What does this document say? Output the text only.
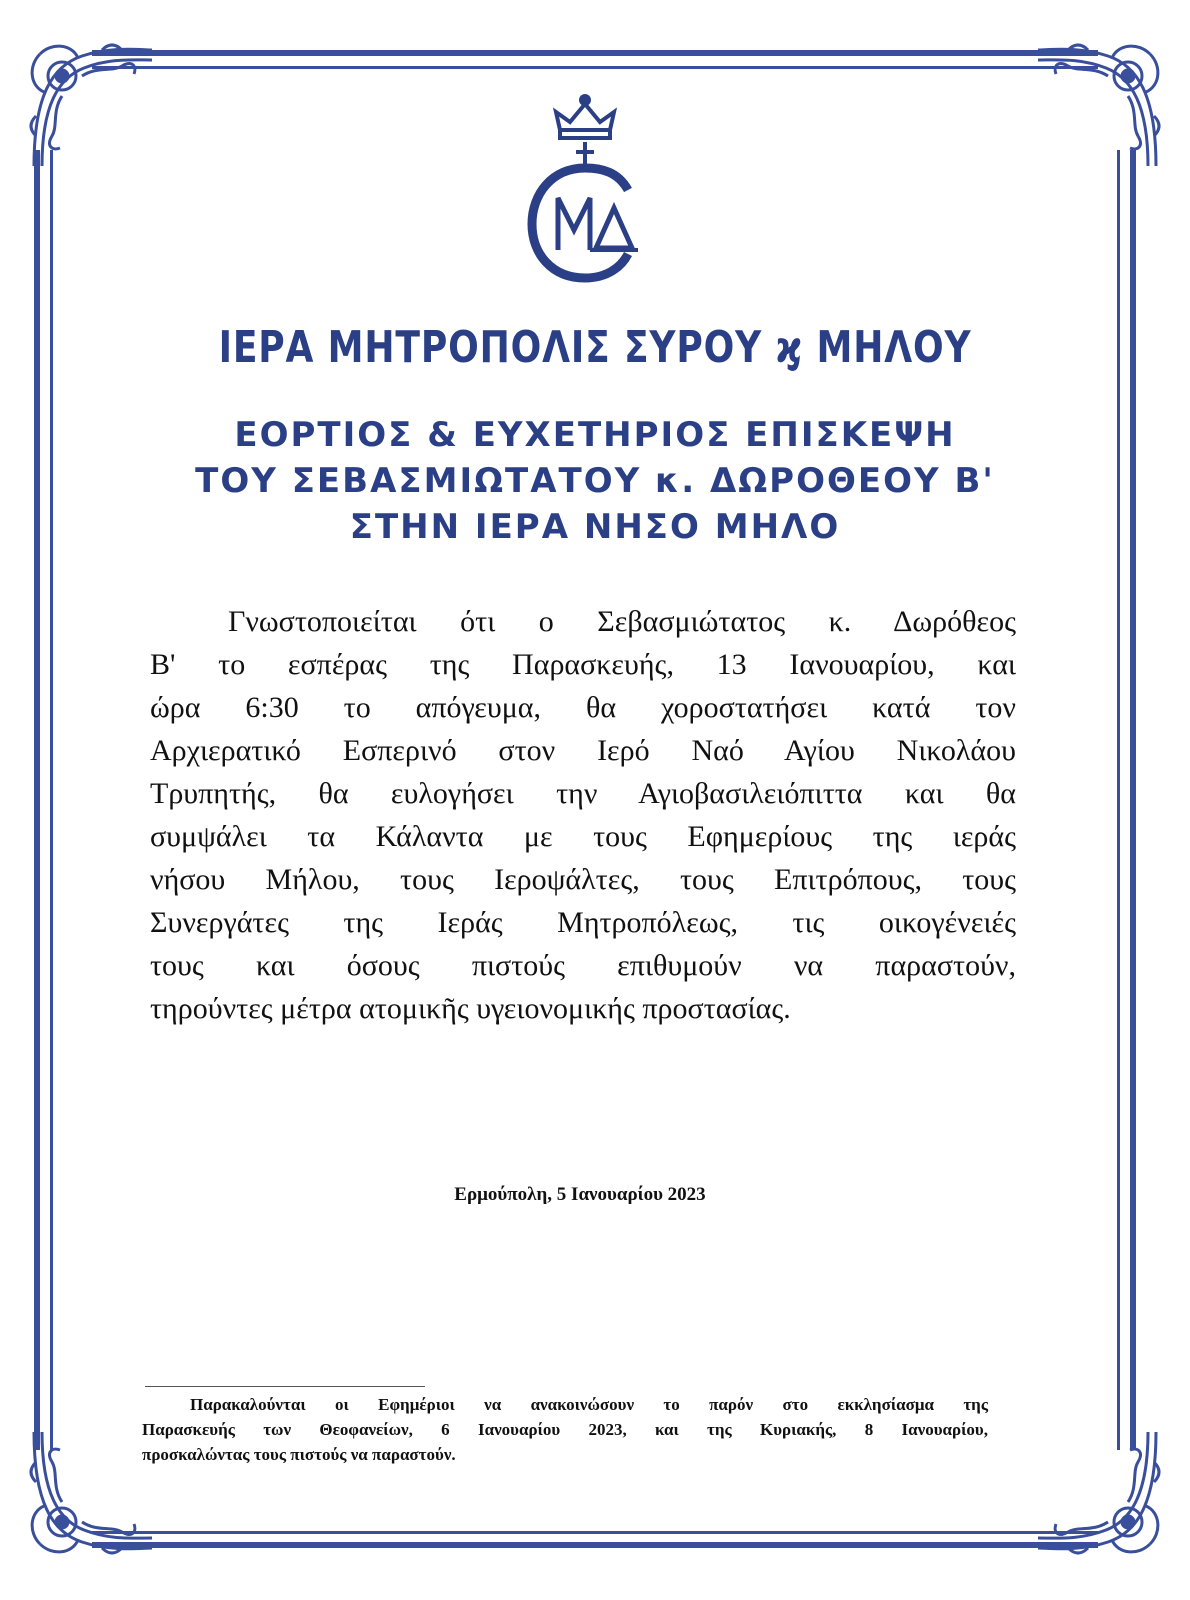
ΙΕΡΑ ΜΗΤΡΟΠΟΛΙΣ ΣΥΡΟΥ ϗ ΜΗΛΟΥ
ΕΟΡΤΙΟΣ & ΕΥΧΕΤΗΡΙΟΣ ΕΠΙΣΚΕΨΗ
ΤΟΥ ΣΕΒΑΣΜΙΩΤΑΤΟΥ κ. ΔΩΡΟΘΕΟΥ Β'
ΣΤΗΝ ΙΕΡΑ ΝΗΣΟ ΜΗΛΟ
Γνωστοποιείται ότι ο Σεβασμιώτατος κ. Δωρόθεος
Β' το εσπέρας της Παρασκευής, 13 Ιανουαρίου, και
ώρα 6:30 το απόγευμα, θα χοροστατήσει κατά τον
Αρχιερατικό Εσπερινό στον Ιερό Ναό Αγίου Νικολάου
Τρυπητής, θα ευλογήσει την Αγιοβασιλειόπιττα και θα
συμψάλει τα Κάλαντα με τους Εφημερίους της ιεράς
νήσου Μήλου, τους Ιεροψάλτες, τους Επιτρόπους, τους
Συνεργάτες της Ιεράς Μητροπόλεως, τις οικογένειές
τους και όσους πιστούς επιθυμούν να παραστούν,
τηρούντες μέτρα ατομικῆς υγειονομικής προστασίας.
Ερμούπολη, 5 Ιανουαρίου 2023
Παρακαλούνται οι Εφημέριοι να ανακοινώσουν το παρόν στο εκκλησίασμα της
Παρασκευής των Θεοφανείων, 6 Ιανουαρίου 2023, και της Κυριακής, 8 Ιανουαρίου,
προσκαλώντας τους πιστούς να παραστούν.
